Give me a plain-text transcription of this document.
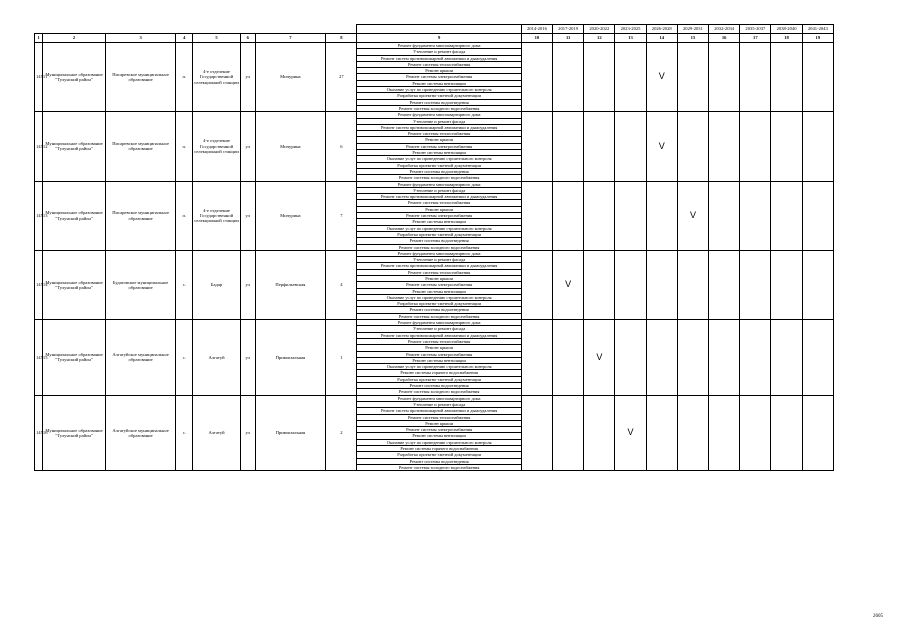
									2014-2016	2017-2019	2020-2022	2023-2025	2026-2028	2029-2031	2032-2034	2035-2037	2038-2040	2041-2043
1	2	3	4	5	6	7	8	9	10	11	12	13	14	15	16	17	18	19
14511	Муниципальное образование "Тулунский район"	Писаревское муниципальное образование	п.	4-е отделение Государственной селекционной станции	ул	Мичурина	27	Ремонт фундамента многоквартирного дома					V					
								Утепление и ремонт фасада										
								Ремонт систем противопожарной автоматики и дымоудаления										
								Ремонт системы теплоснабжения										
								Ремонт крыши										
								Ремонт системы электроснабжения										
								Ремонт системы вентиляции										
								Оказание услуг по проведению строительного контроля										
								Разработка проектно-сметной документации										
								Ремонт системы водоотведения										
								Ремонт системы холодного водоснабжения										
14512	Муниципальное образование "Тулунский район"	Писаревское муниципальное образование	п.	4-е отделение Государственной селекционной станции	ул	Мичурина	6	Ремонт фундамента многоквартирного дома					V					
								Утепление и ремонт фасада										
								Ремонт систем противопожарной автоматики и дымоудаления										
								Ремонт системы теплоснабжения										
								Ремонт крыши										
								Ремонт системы электроснабжения										
								Ремонт системы вентиляции										
								Оказание услуг по проведению строительного контроля										
								Разработка проектно-сметной документации										
								Ремонт системы водоотведения										
								Ремонт системы холодного водоснабжения										
14513	Муниципальное образование "Тулунский район"	Писаревское муниципальное образование	п.	4-е отделение Государственной селекционной станции	ул	Мичурина	7	Ремонт фундамента многоквартирного дома						V				
								Утепление и ремонт фасада										
								Ремонт систем противопожарной автоматики и дымоудаления										
								Ремонт системы теплоснабжения										
								Ремонт крыши										
								Ремонт системы электроснабжения										
								Ремонт системы вентиляции										
								Оказание услуг по проведению строительного контроля										
								Разработка проектно-сметной документации										
								Ремонт системы водоотведения										
								Ремонт системы холодного водоснабжения										
14514	Муниципальное образование "Тулунский район"	Будаговское муниципальное образование	с.	Бадар	ул	Перфильевская	4	Ремонт фундамента многоквартирного дома		V								
								Утепление и ремонт фасада										
								Ремонт систем противопожарной автоматики и дымоудаления										
								Ремонт системы теплоснабжения										
								Ремонт крыши										
								Ремонт системы электроснабжения										
								Ремонт системы вентиляции										
								Оказание услуг по проведению строительного контроля										
								Разработка проектно-сметной документации										
								Ремонт системы водоотведения										
								Ремонт системы холодного водоснабжения										
14515	Муниципальное образование "Тулунский район"	Алгатуйское муниципальное образование	с.	Алгатуй	ул	Привокзальная	1	Ремонт фундамента многоквартирного дома			V							
								Утепление и ремонт фасада										
								Ремонт систем противопожарной автоматики и дымоудаления										
								Ремонт системы теплоснабжения										
								Ремонт крыши										
								Ремонт системы электроснабжения										
								Ремонт системы вентиляции										
								Оказание услуг по проведению строительного контроля										
								Ремонт системы горячего водоснабжения										
								Разработка проектно-сметной документации										
								Ремонт системы водоотведения										
								Ремонт системы холодного водоснабжения										
14516	Муниципальное образование "Тулунский район"	Алгатуйское муниципальное образование	с.	Алгатуй	ул	Привокзальная	2	Ремонт фундамента многоквартирного дома				V						
								Утепление и ремонт фасада										
								Ремонт систем противопожарной автоматики и дымоудаления										
								Ремонт системы теплоснабжения										
								Ремонт крыши										
								Ремонт системы электроснабжения										
								Ремонт системы вентиляции										
								Оказание услуг по проведению строительного контроля										
								Ремонт системы горячего водоснабжения										
								Разработка проектно-сметной документации										
								Ремонт системы водоотведения										
								Ремонт системы холодного водоснабжения										
2605
